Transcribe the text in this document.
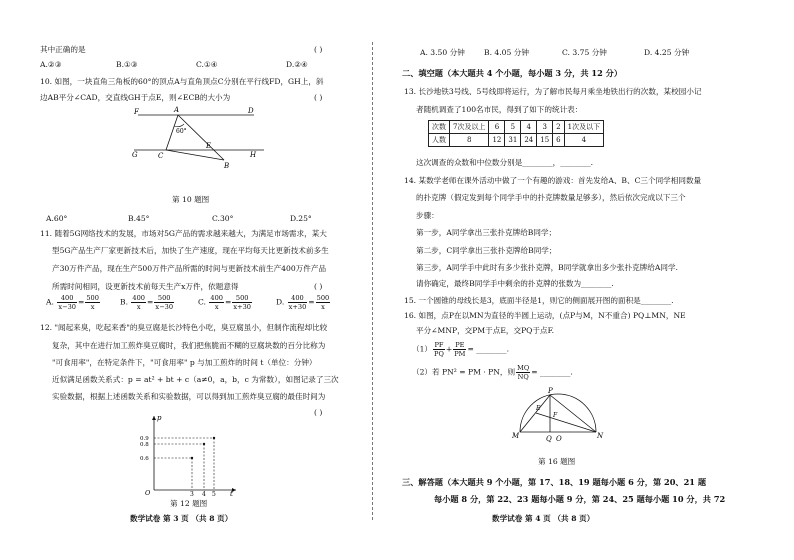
其中正确的是	( )
A.②③	B.①③	C.①④	D.②④
10. 如图，一块直角三角板的60°的顶点A与直角顶点C分别在平行线FD，GH上，斜
边AB平分∠CAD，交直线GH于点E，则∠ECB的大小为	( )
F	A	D
60°
G	C
B
E
H
第 10 题图
A.60°	B.45°	C.30°	D.25°
11. 随着5G网络技术的发展，市场对5G产品的需求越来越大，为满足市场需求，某大
型5G产品生产厂家更新技术后，加快了生产速度，现在平均每天比更新技术前多生
产30万件产品，现在生产500万件产品所需的时间与更新技术前生产400万件产品
所需时间相同，设更新技术前每天生产x万件，依题意得	( )
A. $\frac{400}{x-30} = \frac{500}{x}$	B. $\frac{400}{x} = \frac{500}{x-30}$	C. $\frac{400}{x} = \frac{500}{x+30}$	D. $\frac{400}{x+30} = \frac{500}{x}$
12. "闻起来臭，吃起来香"的臭豆腐是长沙特色小吃，臭豆腐虽小，但制作流程却比较
复杂，其中在进行加工煎炸臭豆腐时，我们把焦脆而不糊的豆腐块数的百分比称为
"可食用率"，在特定条件下，"可食用率" p 与加工煎炸的时间 t（单位：分钟）
近似满足函数关系式：p = at² + bt + c（a≠0，a，b，c 为常数），如图记录了三次
实验数据，根据上述函数关系和实验数据，可以得到加工煎炸臭豆腐的最佳时间为
( )
p
0.9
0.8
0.6
O	3 4 5 t
第 12 题图
数学试卷 第 3 页 （共 8 页）
A. 3.50 分钟	B. 4.05 分钟	C. 3.75 分钟	D. 4.25 分钟
二、填空题（本大题共 4 个小题，每小题 3 分，共 12 分）
13. 长沙地铁3号线、5号线即将运行，为了解市民每月乘坐地铁出行的次数，某校园小记
者随机调查了100名市民，得到了如下的统计表：
次数	7次及以上	6	5	4	3	2	1次及以下
人数	8	12	31	24	15	6	4
这次调查的众数和中位数分别是________，________.
14. 某数学老师在课外活动中做了一个有趣的游戏：首先发给A、B、C三个同学相同数量
的扑克牌（假定发到每个同学手中的扑克牌数量足够多），然后依次完成以下三个
步骤：
第一步，A同学拿出三张扑克牌给B同学；
第二步，C同学拿出三张扑克牌给B同学；
第三步，A同学手中此时有多少张扑克牌，B同学就拿出多少张扑克牌给A同学.
请你确定，最终B同学手中剩余的扑克牌的张数为________.
15. 一个圆锥的母线长是3，底面半径是1，则它的侧面展开图的面积是________.
16. 如图，点P在以MN为直径的半圆上运动，(点P与M，N不重合) PQ⊥MN，NE
平分∠MNP，交PM于点E，交PQ于点F.
$(1) \frac{PF}{PQ} + \frac{PE}{PM}$ = ________.
（2）若 PN² = PM · PN，则 $\frac{MQ}{NQ}$ = ________.
P
E
F
M	Q O	N
第 16 题图
三、解答题（本大题共 9 个小题，第 17、18、19 题每小题 6 分，第 20、21 题
每小题 8 分，第 22、23 题每小题 9 分，第 24、25 题每小题 10 分，共 72
数学试卷 第 4 页 （共 8 页）
